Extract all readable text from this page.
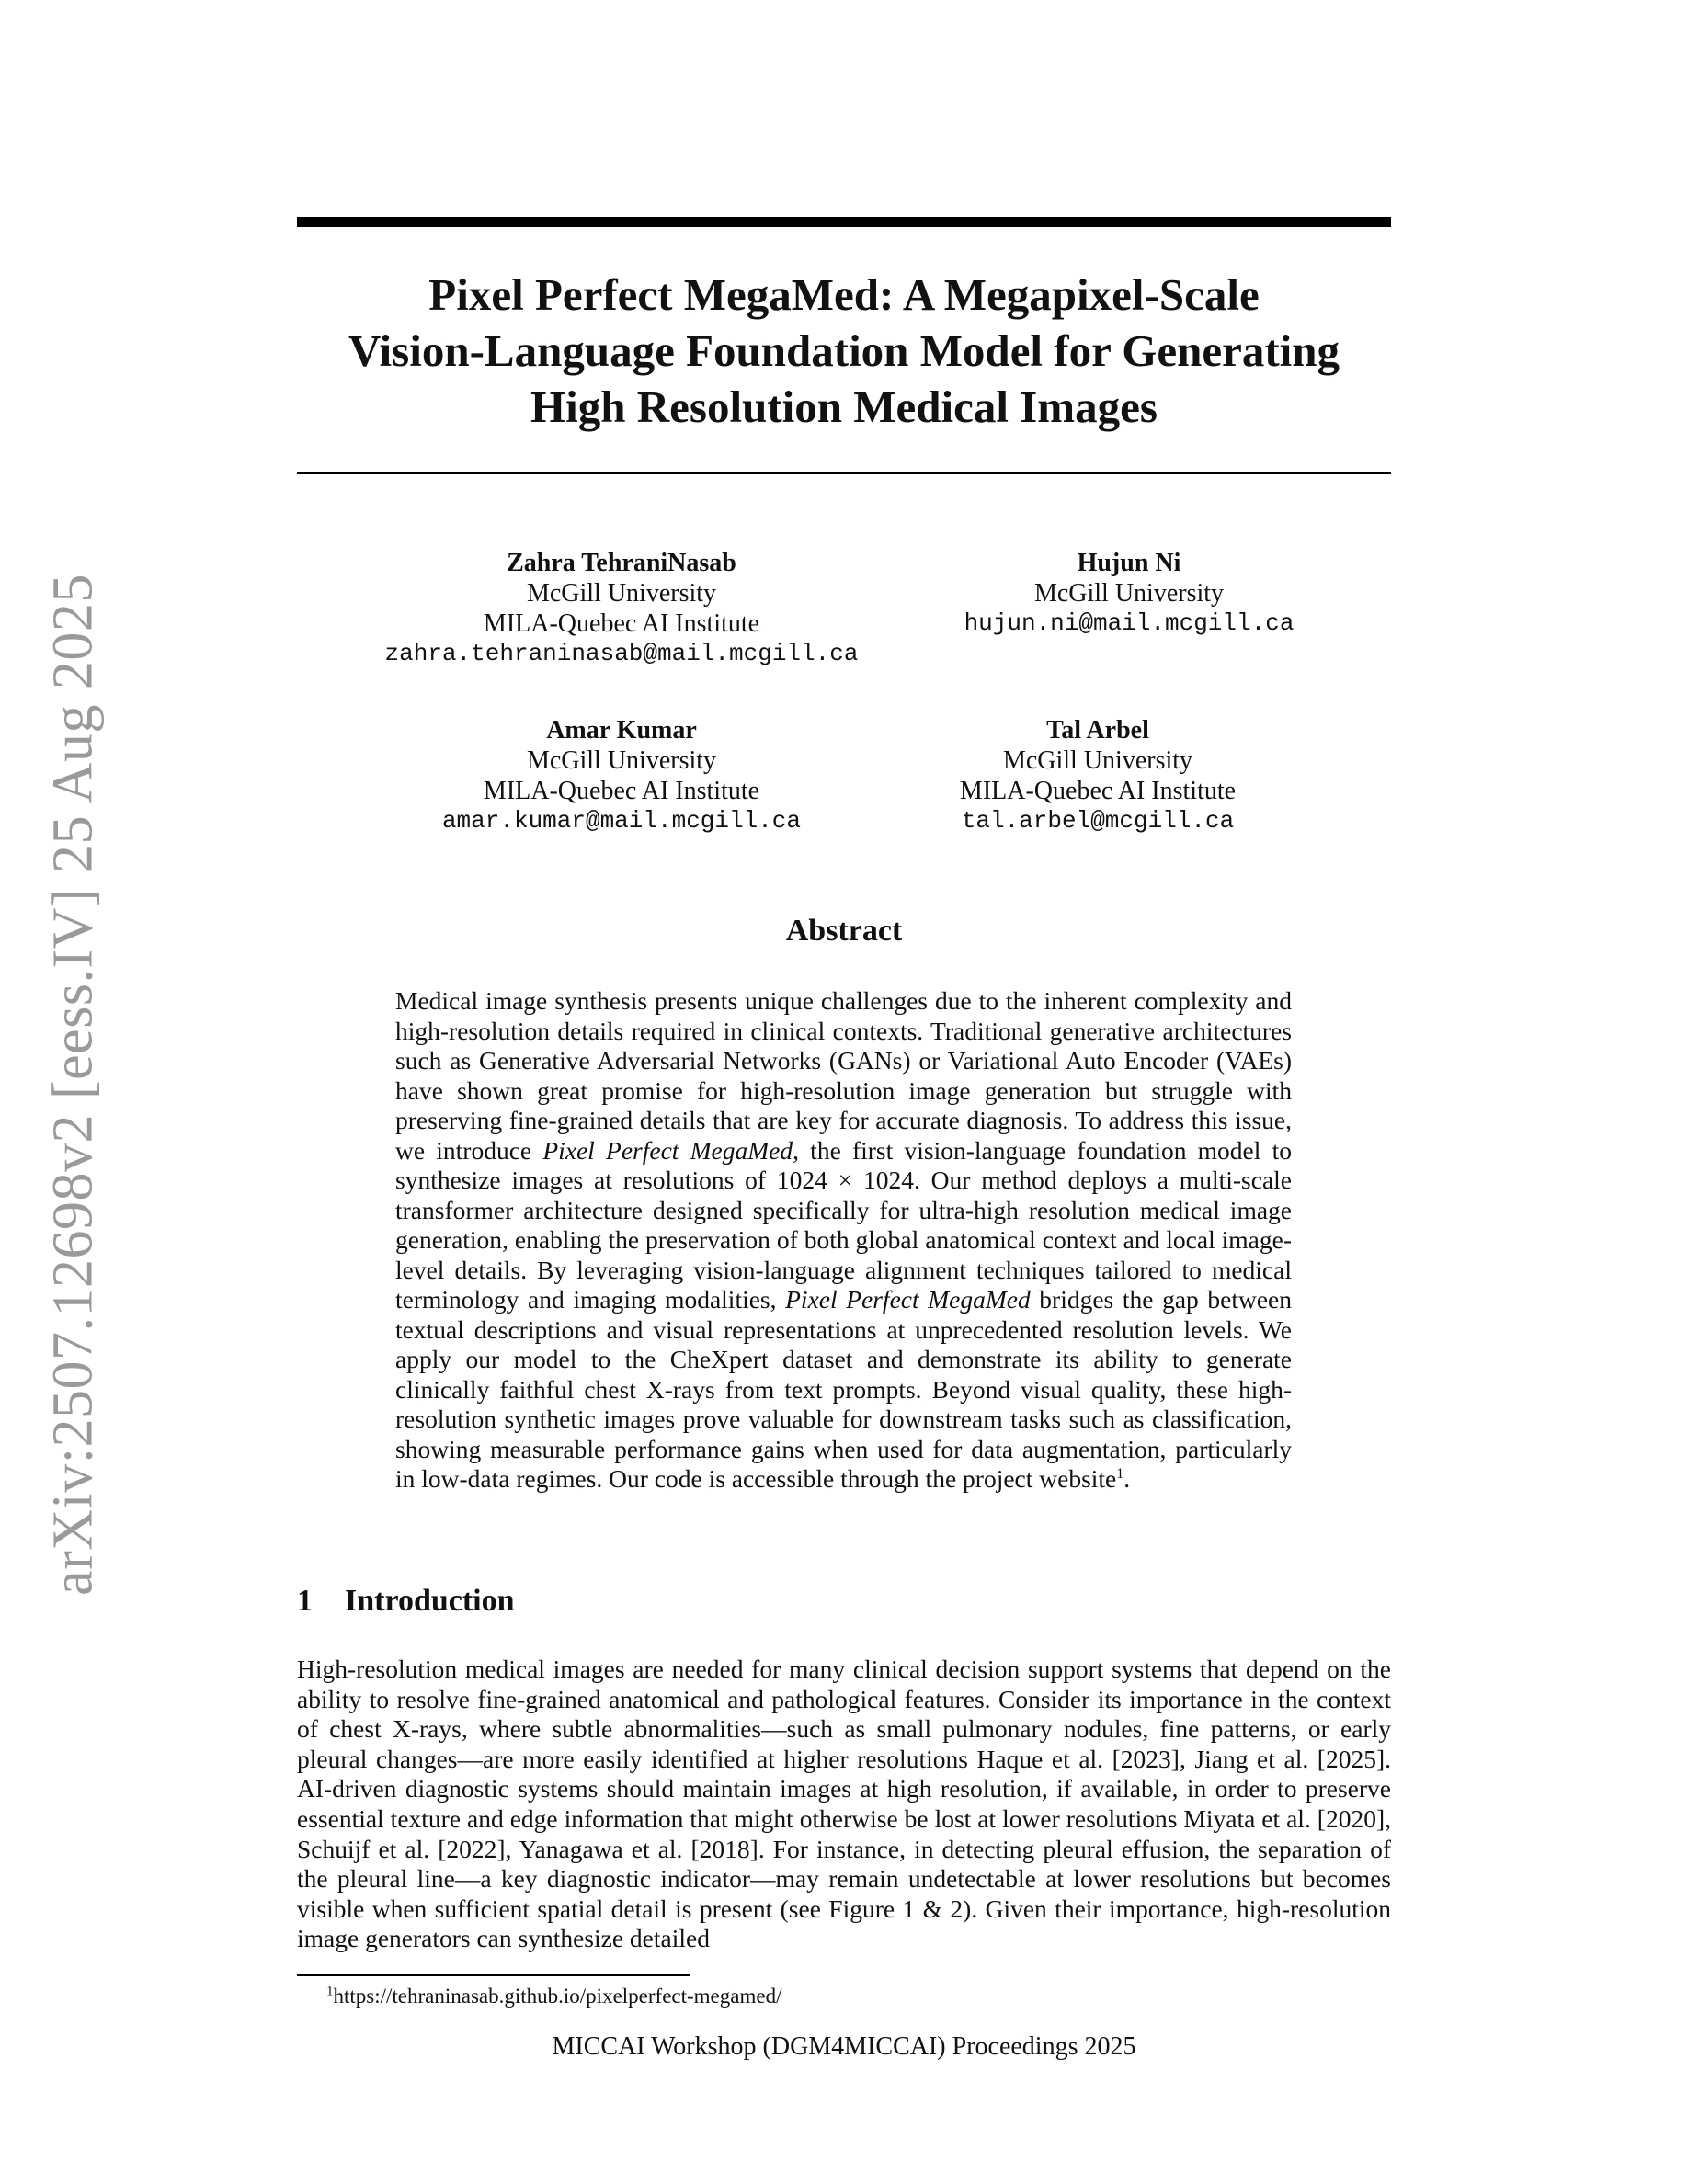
arXiv:2507.12698v2 [eess.IV] 25 Aug 2025
Pixel Perfect MegaMed: A Megapixel-Scale
Vision-Language Foundation Model for Generating
High Resolution Medical Images
Zahra TehraniNasab
McGill University
MILA-Quebec AI Institute
zahra.tehraninasab@mail.mcgill.ca
Hujun Ni
McGill University
hujun.ni@mail.mcgill.ca
Amar Kumar
McGill University
MILA-Quebec AI Institute
amar.kumar@mail.mcgill.ca
Tal Arbel
McGill University
MILA-Quebec AI Institute
tal.arbel@mcgill.ca
Abstract

Medical image synthesis presents unique challenges due to the inherent complexity and high-resolution details required in clinical contexts. Traditional generative architectures such as Generative Adversarial Networks (GANs) or Variational Auto Encoder (VAEs) have shown great promise for high-resolution image generation but struggle with preserving fine-grained details that are key for accurate diagnosis. To address this issue, we introduce Pixel Perfect MegaMed, the first vision-language foundation model to synthesize images at resolutions of 1024 × 1024. Our method deploys a multi-scale transformer architecture designed specifically for ultra-high resolution medical image generation, enabling the preservation of both global anatomical context and local image-level details. By leveraging vision-language alignment techniques tailored to medical terminology and imaging modalities, Pixel Perfect MegaMed bridges the gap between textual descriptions and visual representations at unprecedented resolution levels. We apply our model to the CheXpert dataset and demonstrate its ability to generate clinically faithful chest X-rays from text prompts. Beyond visual quality, these high-resolution synthetic images prove valuable for downstream tasks such as classification, showing measurable performance gains when used for data augmentation, particularly in low-data regimes. Our code is accessible through the project website$^1$.

1 Introduction

High-resolution medical images are needed for many clinical decision support systems that depend on the ability to resolve fine-grained anatomical and pathological features. Consider its importance in the context of chest X-rays, where subtle abnormalities—such as small pulmonary nodules, fine patterns, or early pleural changes—are more easily identified at higher resolutions Haque et al. [2023], Jiang et al. [2025]. AI-driven diagnostic systems should maintain images at high resolution, if available, in order to preserve essential texture and edge information that might otherwise be lost at lower resolutions Miyata et al. [2020], Schuijf et al. [2022], Yanagawa et al. [2018]. For instance, in detecting pleural effusion, the separation of the pleural line—a key diagnostic indicator—may remain undetectable at lower resolutions but becomes visible when sufficient spatial detail is present (see Figure 1 & 2). Given their importance, high-resolution image generators can synthesize detailed

$^1$https://tehraninasab.github.io/pixelperfect-megamed/
MICCAI Workshop (DGM4MICCAI) Proceedings 2025
